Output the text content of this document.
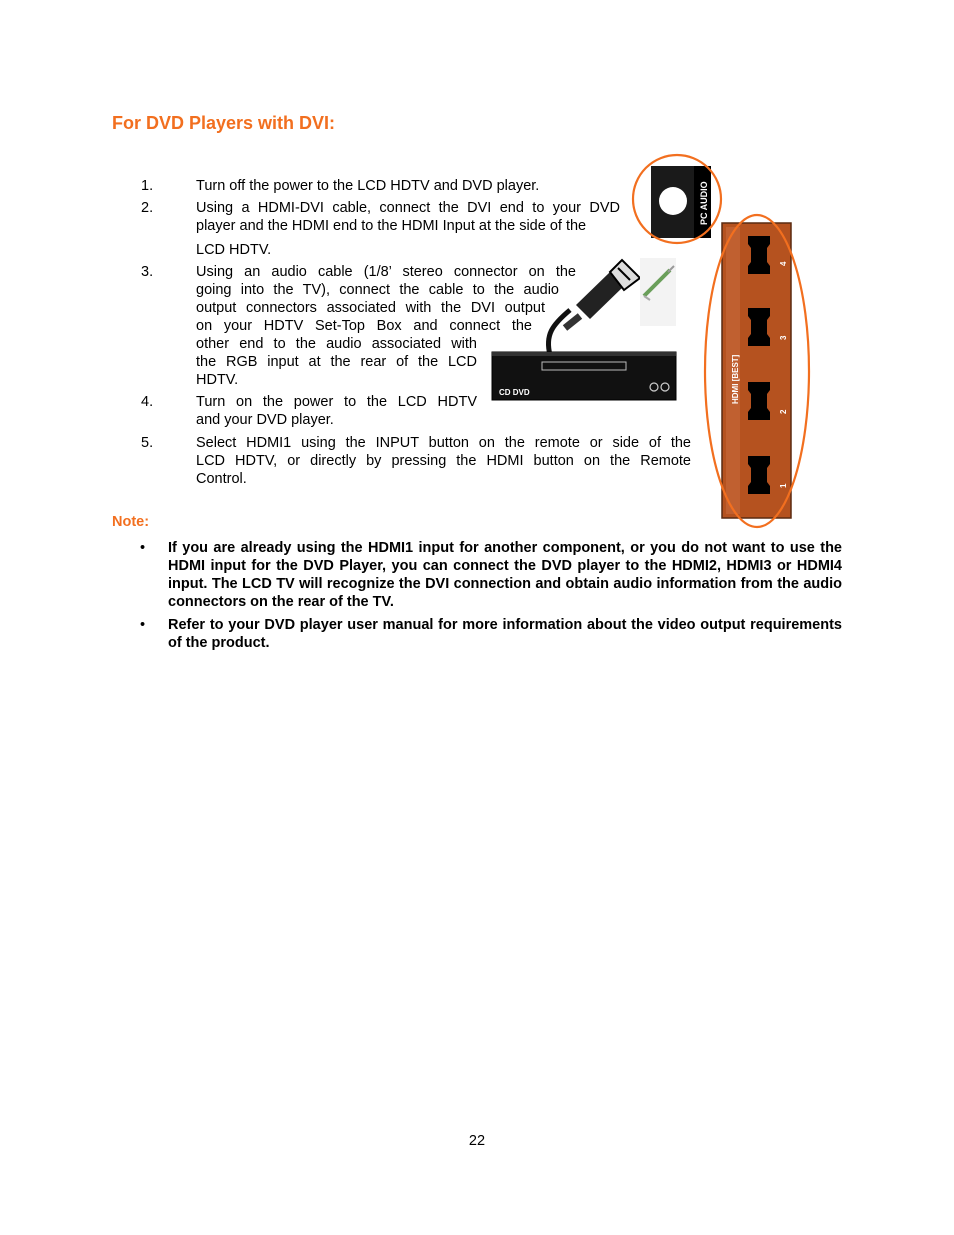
For DVD Players with DVI:
1.	Turn off the power to the LCD HDTV and DVD player.
2.	Using a HDMI-DVI cable, connect the DVI end to your DVD
player and the HDMI end to the HDMI Input at the side of the
LCD HDTV.
3.	Using an audio cable (1/8’ stereo connector on the
going into the TV), connect the cable to the audio
output connectors associated with the DVI output
on your HDTV Set-Top Box and connect the
other end to the audio associated with
the RGB input at the rear of the LCD
HDTV.
4.	Turn on the power to the LCD HDTV
and your DVD player.
5.	Select HDMI1 using the INPUT button on the remote or side of the
LCD HDTV, or directly by pressing the HDMI button on the Remote
Control.
Note:
• If you are already using the HDMI1 input for another component, or you do not want to use the HDMI input for the DVD Player, you can connect the DVD player to the HDMI2, HDMI3 or HDMI4 input. The LCD TV will recognize the DVI connection and obtain audio information from the audio connectors on the rear of the TV.
• Refer to your DVD player user manual for more information about the video output requirements of the product.
22
PC AUDIO
4
3
2
1
HDMI [BEST]
CD DVD
